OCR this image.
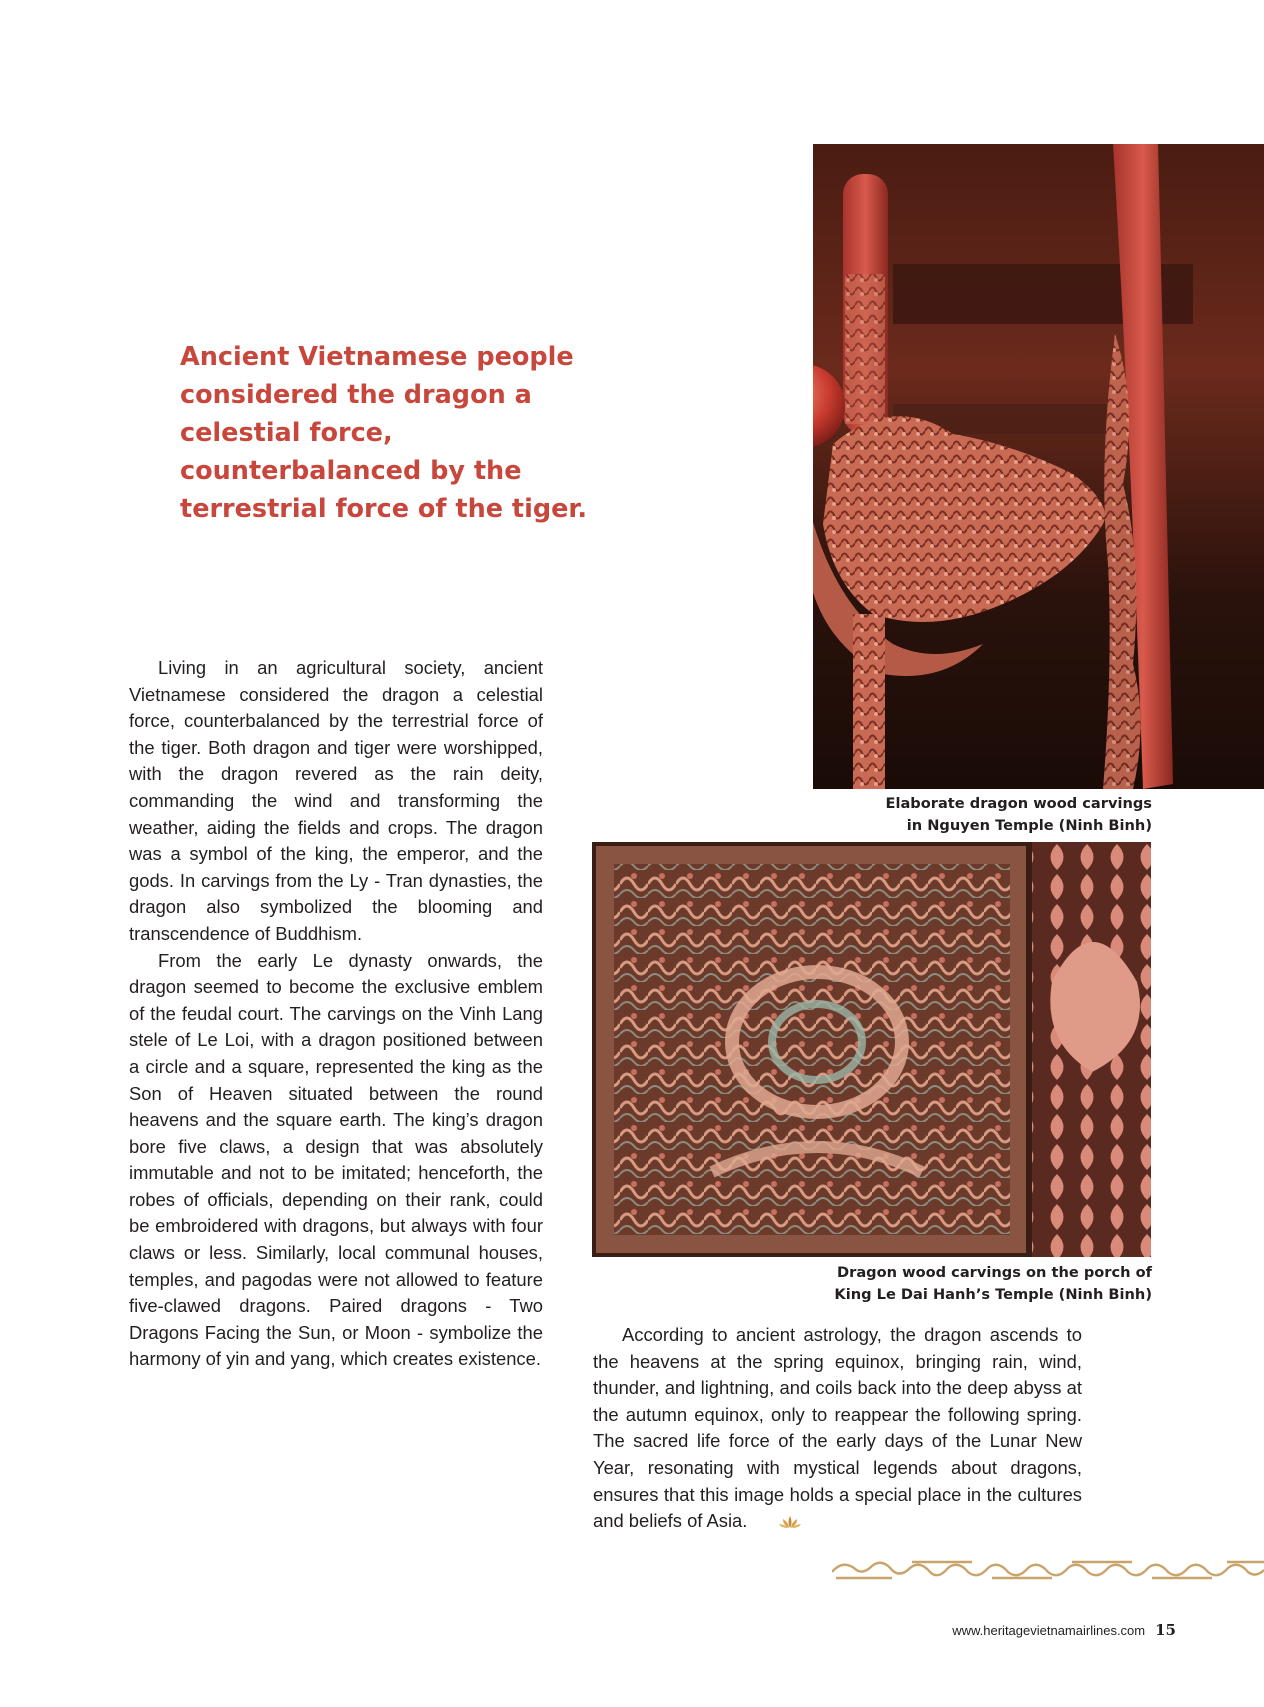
Ancient Vietnamese people
considered the dragon a
celestial force,
counterbalanced by the
terrestrial force of the tiger.

Living in an agricultural society, ancient Vietnamese considered the dragon a celestial force, counterbalanced by the terrestrial force of the tiger. Both dragon and tiger were worshipped, with the dragon revered as the rain deity, commanding the wind and transforming the weather, aiding the fields and crops. The dragon was a symbol of the king, the emperor, and the gods. In carvings from the Ly - Tran dynasties, the dragon also symbolized the blooming and transcendence of Buddhism.

From the early Le dynasty onwards, the dragon seemed to become the exclusive emblem of the feudal court. The carvings on the Vinh Lang stele of Le Loi, with a dragon positioned between a circle and a square, represented the king as the Son of Heaven situated between the round heavens and the square earth. The king’s dragon bore five claws, a design that was absolutely immutable and not to be imitated; henceforth, the robes of officials, depending on their rank, could be embroidered with dragons, but always with four claws or less. Similarly, local communal houses, temples, and pagodas were not allowed to feature five-clawed dragons. Paired dragons - Two Dragons Facing the Sun, or Moon - symbolize the harmony of yin and yang, which creates existence.

Elaborate dragon wood carvings
in Nguyen Temple (Ninh Binh)
Dragon wood carvings on the porch of
King Le Dai Hanh’s Temple (Ninh Binh)

According to ancient astrology, the dragon ascends to the heavens at the spring equinox, bringing rain, wind, thunder, and lightning, and coils back into the deep abyss at the autumn equinox, only to reappear the following spring. The sacred life force of the early days of the Lunar New Year, resonating with mystical legends about dragons, ensures that this image holds a special place in the cultures and beliefs of Asia.

www.heritagevietnamairlines.com 15
